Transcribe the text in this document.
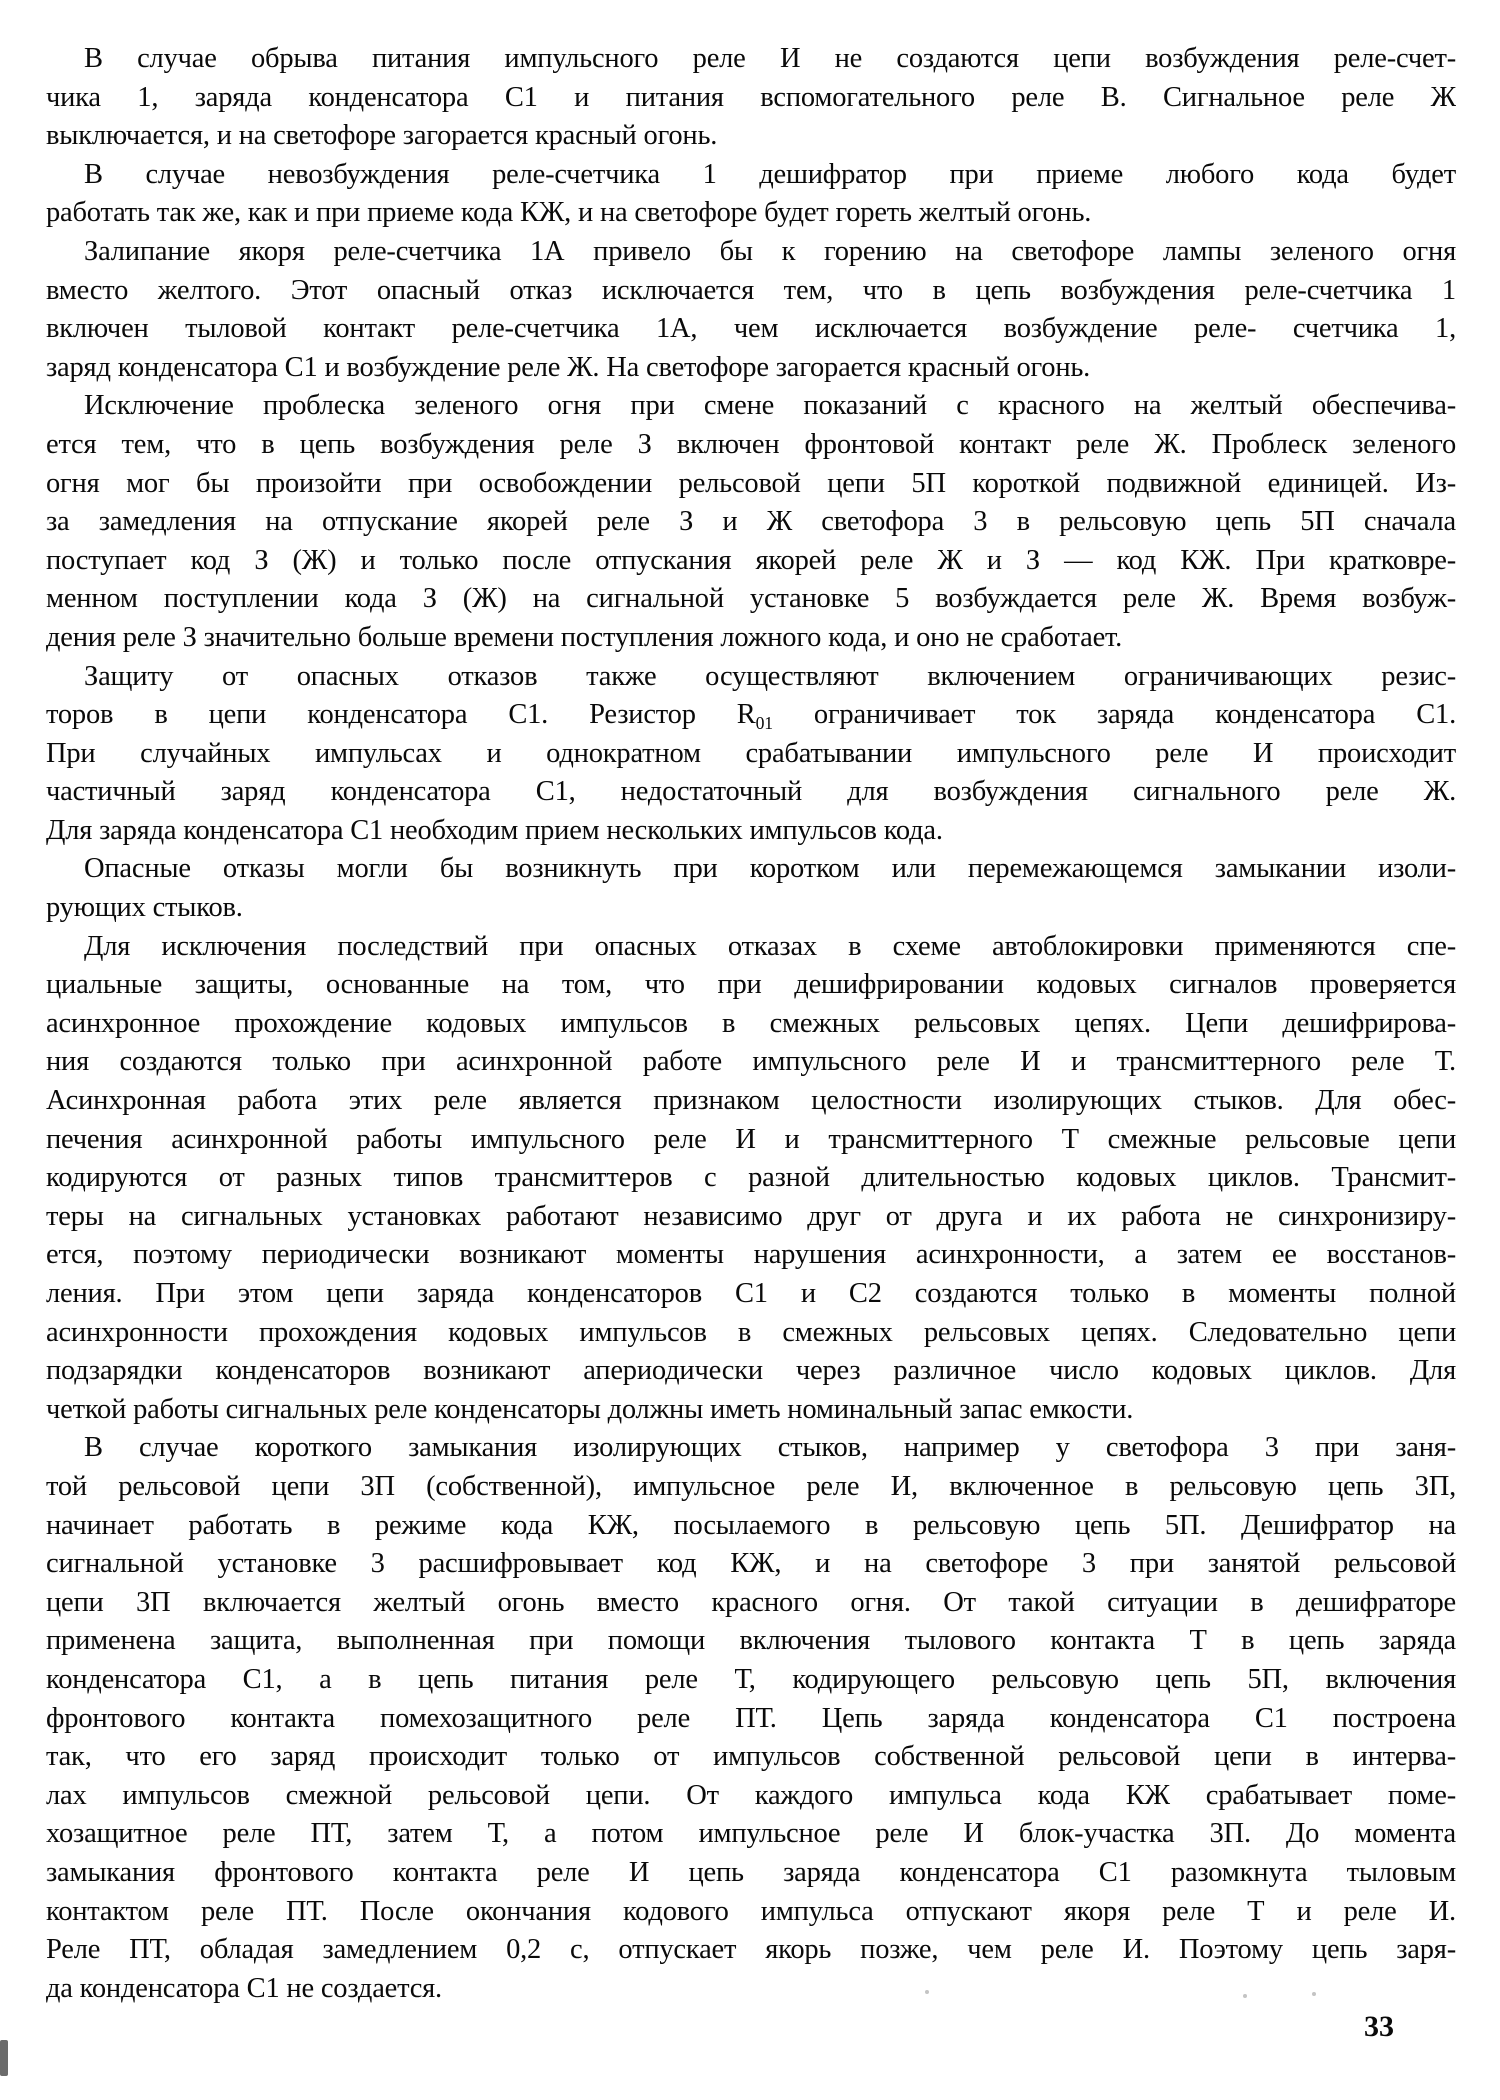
В случае обрыва питания импульсного реле И не создаются цепи возбуждения реле-счет-
чика 1, заряда конденсатора С1 и питания вспомогательного реле В. Сигнальное реле Ж
выключается, и на светофоре загорается красный огонь.
В случае невозбуждения реле-счетчика 1 дешифратор при приеме любого кода будет
работать так же, как и при приеме кода КЖ, и на светофоре будет гореть желтый огонь.
Залипание якоря реле-счетчика 1А привело бы к горению на светофоре лампы зеленого огня
вместо желтого. Этот опасный отказ исключается тем, что в цепь возбуждения реле-счетчика 1
включен тыловой контакт реле-счетчика 1А, чем исключается возбуждение реле- счетчика 1,
заряд конденсатора С1 и возбуждение реле Ж. На светофоре загорается красный огонь.
Исключение проблеска зеленого огня при смене показаний с красного на желтый обеспечива-
ется тем, что в цепь возбуждения реле З включен фронтовой контакт реле Ж. Проблеск зеленого
огня мог бы произойти при освобождении рельсовой цепи 5П короткой подвижной единицей. Из-
за замедления на отпускание якорей реле З и Ж светофора 3 в рельсовую цепь 5П сначала
поступает код З (Ж) и только после отпускания якорей реле Ж и З — код КЖ. При кратковре-
менном поступлении кода З (Ж) на сигнальной установке 5 возбуждается реле Ж. Время возбуж-
дения реле З значительно больше времени поступления ложного кода, и оно не сработает.
Защиту от опасных отказов также осуществляют включением ограничивающих резис-
торов в цепи конденсатора С1. Резистор $R_{01}$ ограничивает ток заряда конденсатора С1.
При случайных импульсах и однократном срабатывании импульсного реле И происходит
частичный заряд конденсатора С1, недостаточный для возбуждения сигнального реле Ж.
Для заряда конденсатора С1 необходим прием нескольких импульсов кода.
Опасные отказы могли бы возникнуть при коротком или перемежающемся замыкании изоли-
рующих стыков.
Для исключения последствий при опасных отказах в схеме автоблокировки применяются спе-
циальные защиты, основанные на том, что при дешифрировании кодовых сигналов проверяется
асинхронное прохождение кодовых импульсов в смежных рельсовых цепях. Цепи дешифрирова-
ния создаются только при асинхронной работе импульсного реле И и трансмиттерного реле Т.
Асинхронная работа этих реле является признаком целостности изолирующих стыков. Для обес-
печения асинхронной работы импульсного реле И и трансмиттерного Т смежные рельсовые цепи
кодируются от разных типов трансмиттеров с разной длительностью кодовых циклов. Трансмит-
теры на сигнальных установках работают независимо друг от друга и их работа не синхронизиру-
ется, поэтому периодически возникают моменты нарушения асинхронности, а затем ее восстанов-
ления. При этом цепи заряда конденсаторов С1 и С2 создаются только в моменты полной
асинхронности прохождения кодовых импульсов в смежных рельсовых цепях. Следовательно цепи
подзарядки конденсаторов возникают апериодически через различное число кодовых циклов. Для
четкой работы сигнальных реле конденсаторы должны иметь номинальный запас емкости.
В случае короткого замыкания изолирующих стыков, например у светофора 3 при заня-
той рельсовой цепи 3П (собственной), импульсное реле И, включенное в рельсовую цепь 3П,
начинает работать в режиме кода КЖ, посылаемого в рельсовую цепь 5П. Дешифратор на
сигнальной установке 3 расшифровывает код КЖ, и на светофоре 3 при занятой рельсовой
цепи 3П включается желтый огонь вместо красного огня. От такой ситуации в дешифраторе
применена защита, выполненная при помощи включения тылового контакта Т в цепь заряда
конденсатора С1, а в цепь питания реле Т, кодирующего рельсовую цепь 5П, включения
фронтового контакта помехозащитного реле ПТ. Цепь заряда конденсатора С1 построена
так, что его заряд происходит только от импульсов собственной рельсовой цепи в интерва-
лах импульсов смежной рельсовой цепи. От каждого импульса кода КЖ срабатывает поме-
хозащитное реле ПТ, затем Т, а потом импульсное реле И блок-участка 3П. До момента
замыкания фронтового контакта реле И цепь заряда конденсатора С1 разомкнута тыловым
контактом реле ПТ. После окончания кодового импульса отпускают якоря реле Т и реле И.
Реле ПТ, обладая замедлением 0,2 с, отпускает якорь позже, чем реле И. Поэтому цепь заря-
да конденсатора С1 не создается.
33
